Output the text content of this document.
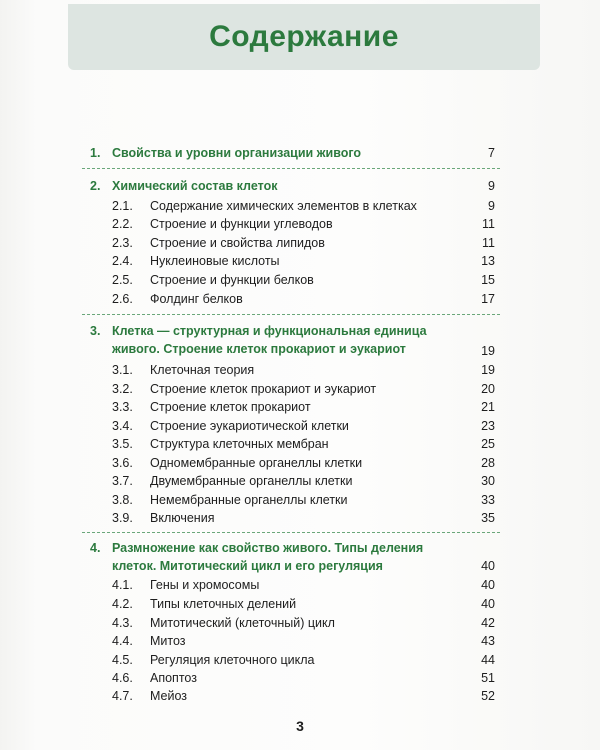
Содержание
1. Свойства и уровни организации живого	7
2. Химический состав клеток	9
2.1. Содержание химических элементов в клетках	9
2.2. Строение и функции углеводов	11
2.3. Строение и свойства липидов	11
2.4. Нуклеиновые кислоты	13
2.5. Строение и функции белков	15
2.6. Фолдинг белков	17
3. Клетка — структурная и функциональная единица
живого. Строение клеток прокариот и эукариот	19
3.1. Клеточная теория	19
3.2. Строение клеток прокариот и эукариот	20
3.3. Строение клеток прокариот	21
3.4. Строение эукариотической клетки	23
3.5. Структура клеточных мембран	25
3.6. Одномембранные органеллы клетки	28
3.7. Двумембранные органеллы клетки	30
3.8. Немембранные органеллы клетки	33
3.9. Включения	35
4. Размножение как свойство живого. Типы деления
клеток. Митотический цикл и его регуляция	40
4.1. Гены и хромосомы	40
4.2. Типы клеточных делений	40
4.3. Митотический (клеточный) цикл	42
4.4. Митоз	43
4.5. Регуляция клеточного цикла	44
4.6. Апоптоз	51
4.7. Мейоз	52
3
